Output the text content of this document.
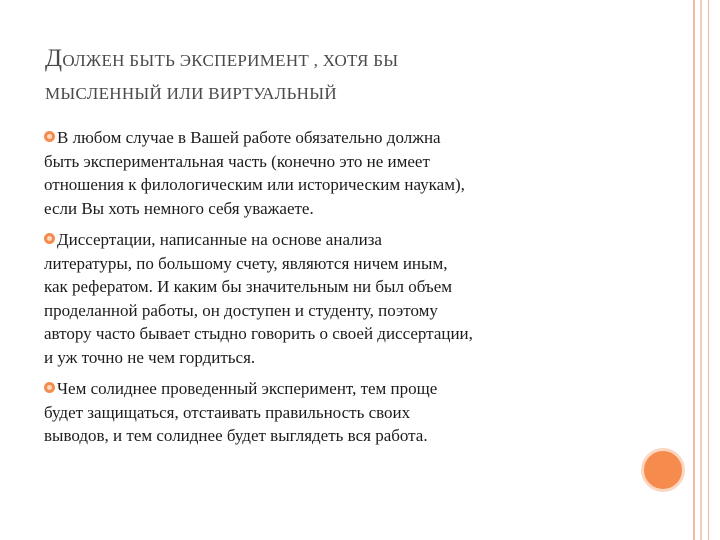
ДОЛЖЕН БЫТЬ ЭКСПЕРИМЕНТ , ХОТЯ БЫ
МЫСЛЕННЫЙ ИЛИ ВИРТУАЛЬНЫЙ
В любом случае в Вашей работе обязательно должна
быть экспериментальная часть (конечно это не имеет
отношения к филологическим или историческим наукам),
если Вы хоть немного себя уважаете.
Диссертации, написанные на основе анализа
литературы, по большому счету, являются ничем иным,
как рефератом. И каким бы значительным ни был объем
проделанной работы, он доступен и студенту, поэтому
автору часто бывает стыдно говорить о своей диссертации,
и уж точно не чем гордиться.
Чем солиднее проведенный эксперимент, тем проще
будет защищаться, отстаивать правильность своих
выводов, и тем солиднее будет выглядеть вся работа.
